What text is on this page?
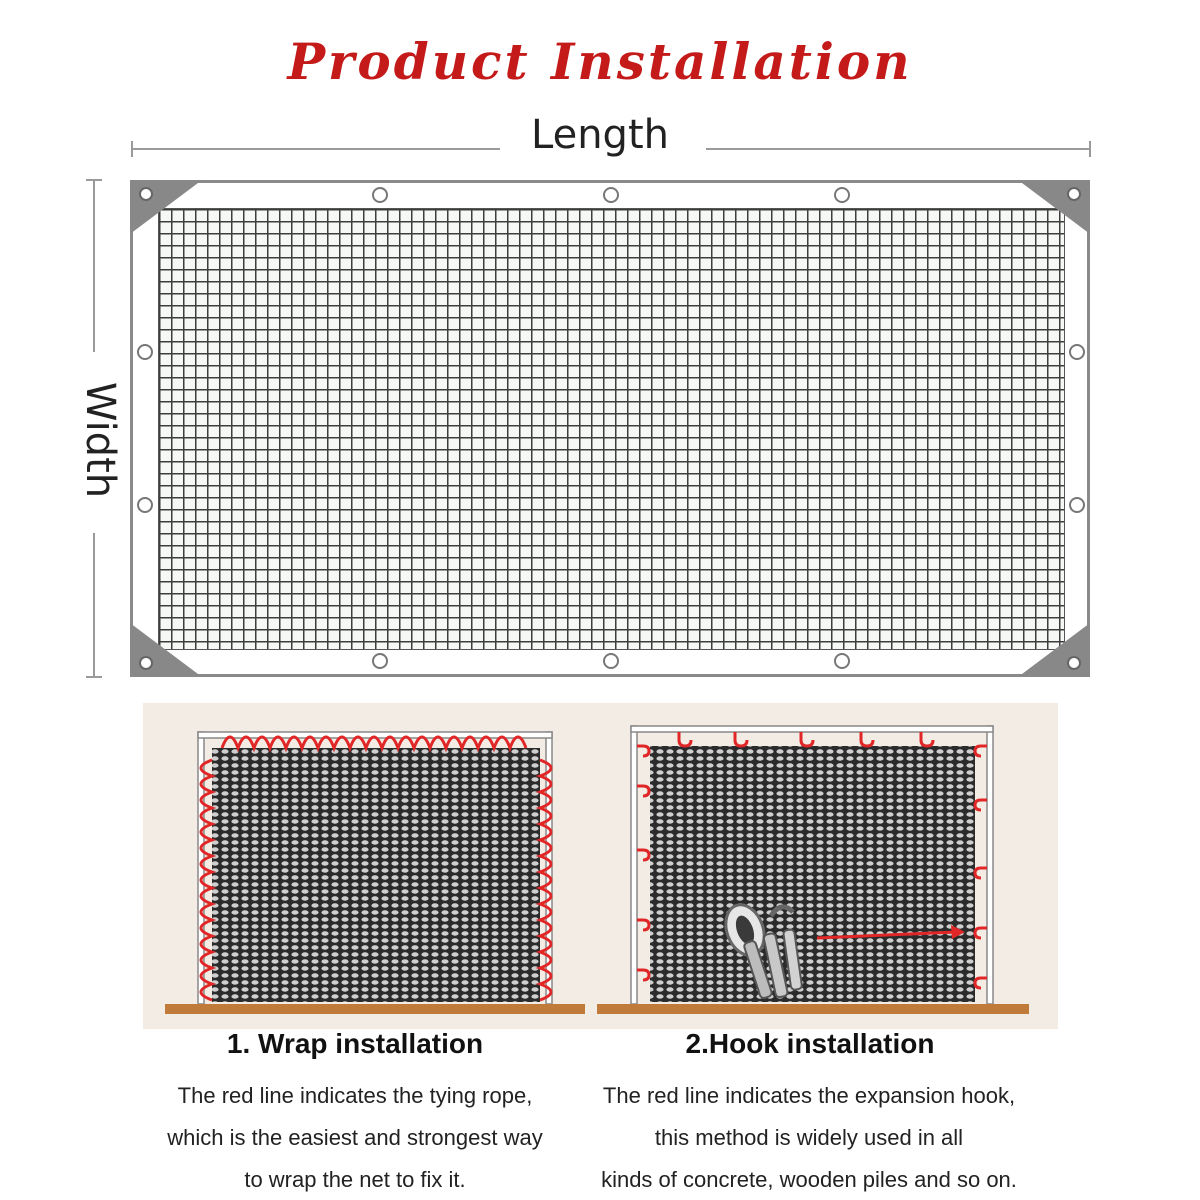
Product Installation
Length
Width
1. Wrap installation
The red line indicates the tying rope,
which is the easiest and strongest way
to wrap the net to fix it.
2.Hook installation
The red line indicates the expansion hook,
this method is widely used in all
kinds of concrete, wooden piles and so on.
